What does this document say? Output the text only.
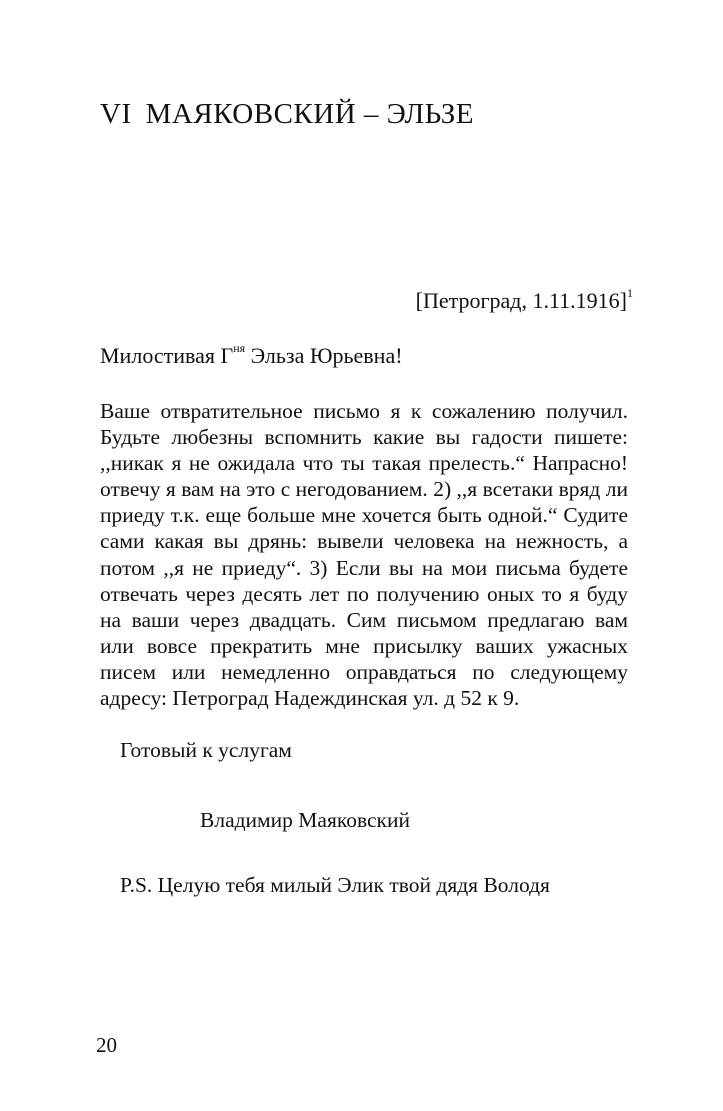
VI МАЯКОВСКИЙ – ЭЛЬЗЕ
[Петроград, 1.11.1916]$^1$
Милостивая $Г^{ня}$ Эльза Юрьевна!

Ваше отвратительное письмо я к сожалению получил. Будьте любезны вспомнить какие вы гадости пишете: ,,никак я не ожидала что ты такая прелесть.“ Напрасно! отвечу я вам на это с негодованием. 2) ,,я всетаки вряд ли приеду т.к. еще больше мне хочется быть одной.“ Судите сами какая вы дрянь: вывели человека на нежность, а потом ,,я не приеду“. 3) Если вы на мои письма будете отвечать через десять лет по получению оных то я буду на ваши через двадцать. Сим письмом предлагаю вам или вовсе прекратить мне присылку ваших ужасных писем или немедленно оправдаться по следующему адресу: Петроград Надеждинская ул. д 52 к 9.

Готовый к услугам
Владимир Маяковский
P.S. Целую тебя милый Элик твой дядя Володя
20
